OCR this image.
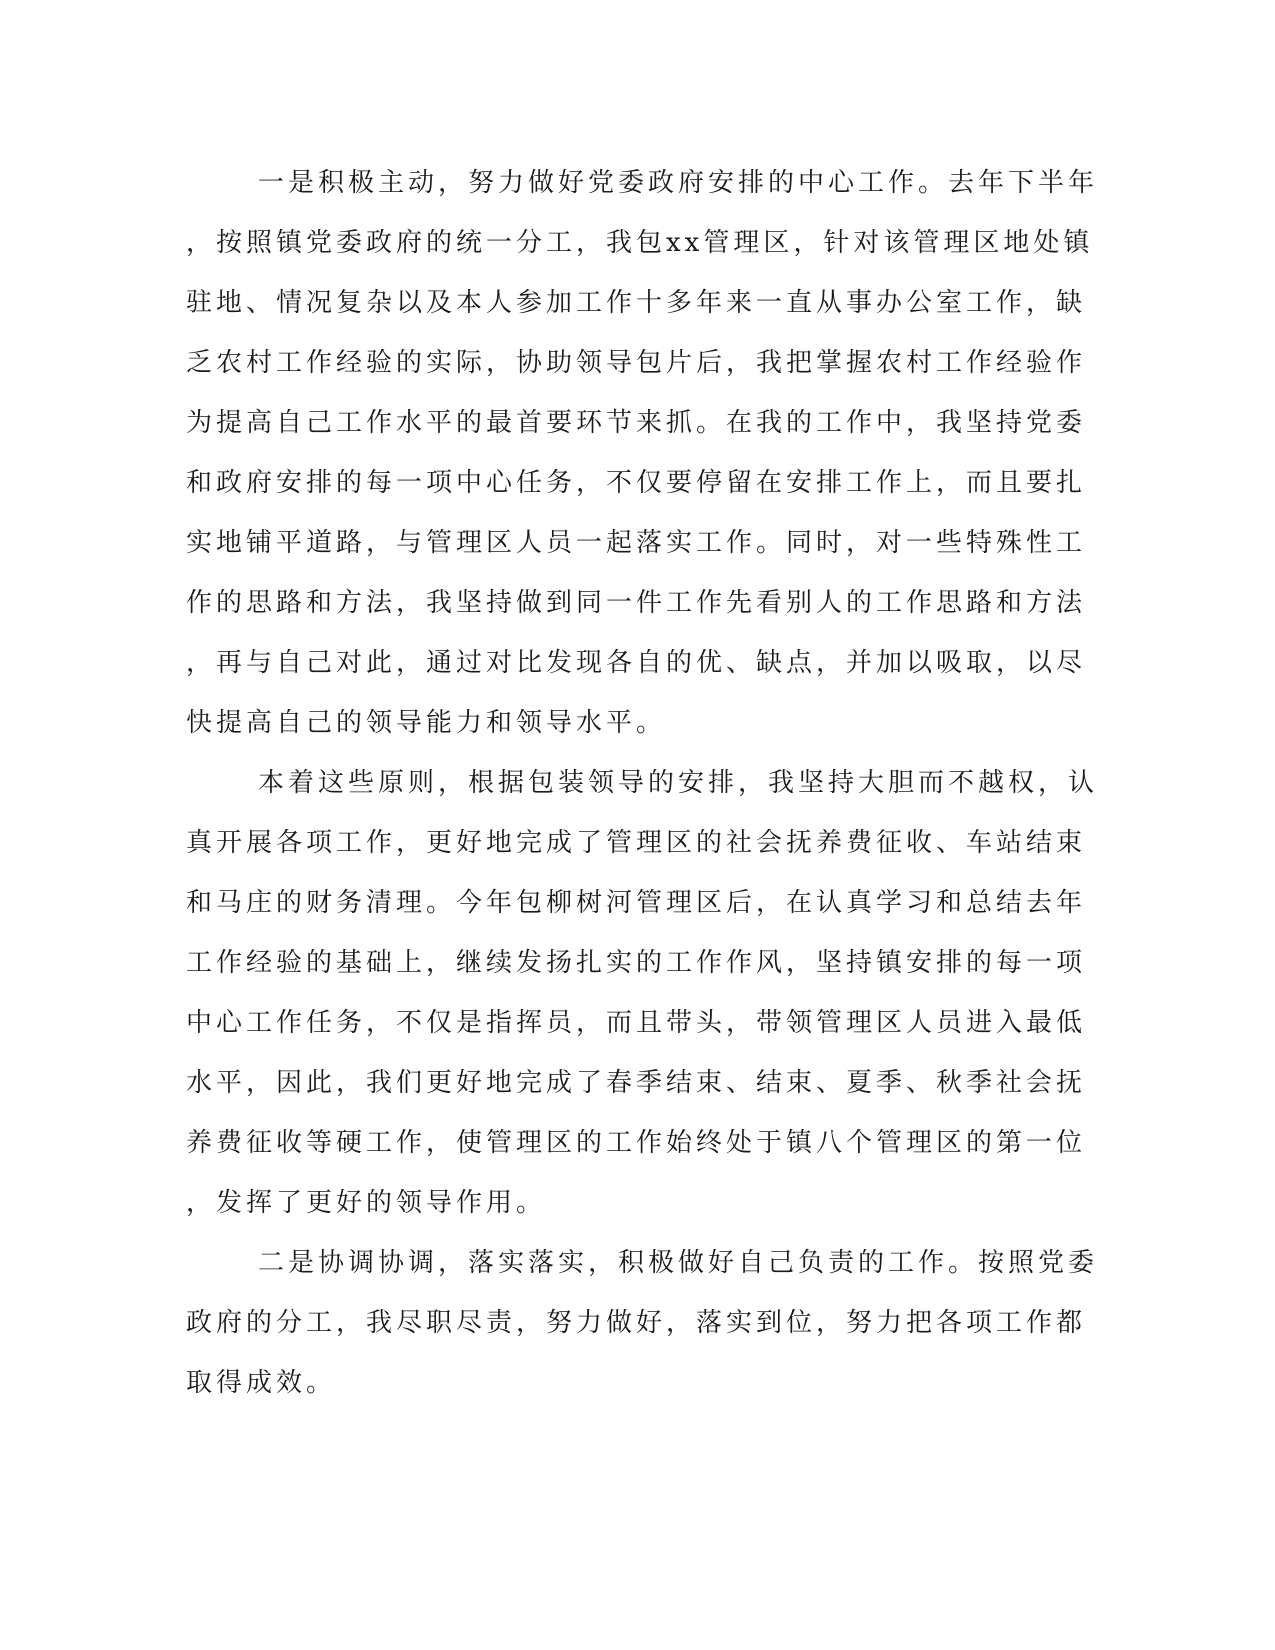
一是积极主动，努力做好党委政府安排的中心工作。去年下半年
，按照镇党委政府的统一分工，我包xx管理区，针对该管理区地处镇
驻地、情况复杂以及本人参加工作十多年来一直从事办公室工作，缺
乏农村工作经验的实际，协助领导包片后，我把掌握农村工作经验作
为提高自己工作水平的最首要环节来抓。在我的工作中，我坚持党委
和政府安排的每一项中心任务，不仅要停留在安排工作上，而且要扎
实地铺平道路，与管理区人员一起落实工作。同时，对一些特殊性工
作的思路和方法，我坚持做到同一件工作先看别人的工作思路和方法
，再与自己对此，通过对比发现各自的优、缺点，并加以吸取，以尽
快提高自己的领导能力和领导水平。
本着这些原则，根据包装领导的安排，我坚持大胆而不越权，认
真开展各项工作，更好地完成了管理区的社会抚养费征收、车站结束
和马庄的财务清理。今年包柳树河管理区后，在认真学习和总结去年
工作经验的基础上，继续发扬扎实的工作作风，坚持镇安排的每一项
中心工作任务，不仅是指挥员，而且带头，带领管理区人员进入最低
水平，因此，我们更好地完成了春季结束、结束、夏季、秋季社会抚
养费征收等硬工作，使管理区的工作始终处于镇八个管理区的第一位
，发挥了更好的领导作用。
二是协调协调，落实落实，积极做好自己负责的工作。按照党委
政府的分工，我尽职尽责，努力做好，落实到位，努力把各项工作都
取得成效。
